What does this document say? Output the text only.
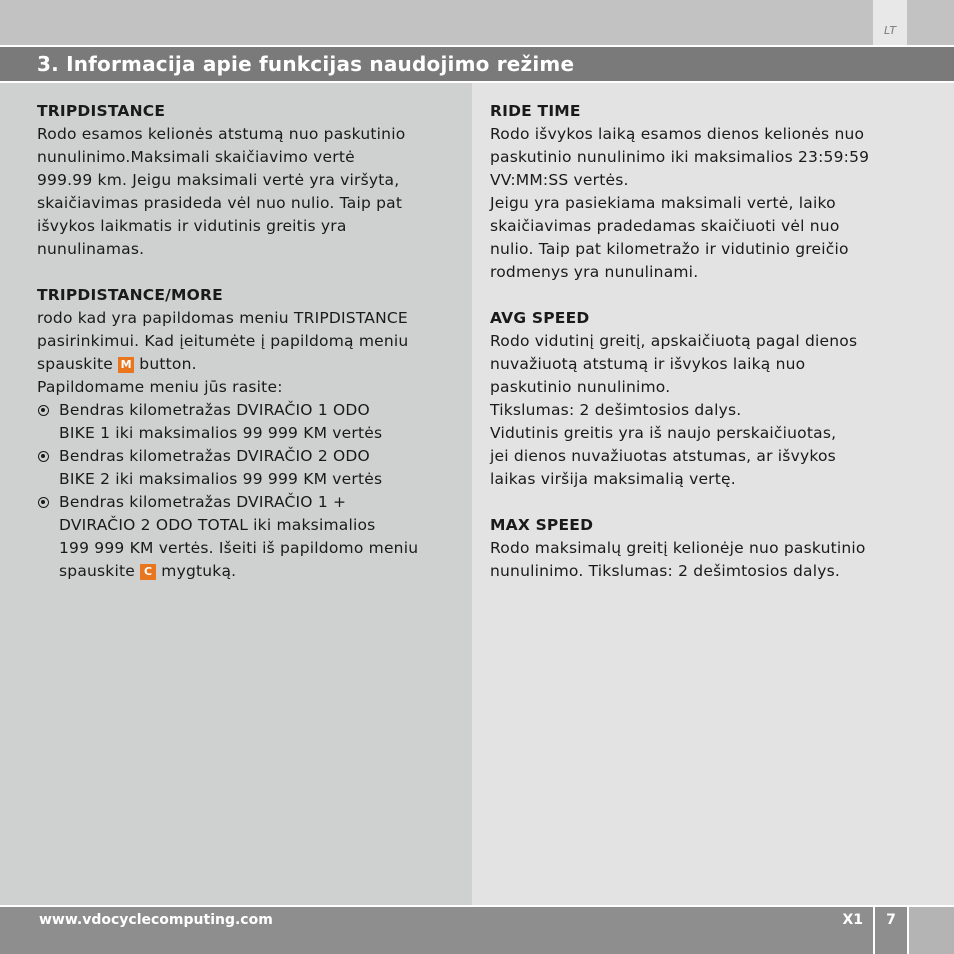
LT
3. Informacija apie funkcijas naudojimo režime
TRIPDISTANCE

Rodo esamos kelionės atstumą nuo paskutinio

nunulinimo.Maksimali skaičiavimo vertė

999.99 km. Jeigu maksimali vertė yra viršyta,

skaičiavimas prasideda vėl nuo nulio. Taip pat

išvykos laikmatis ir vidutinis greitis yra

nunulinamas.

TRIPDISTANCE/MORE

rodo kad yra papildomas meniu TRIPDISTANCE

pasirinkimui. Kad įeitumėte į papildomą meniu

spauskite M button.

Papildomame meniu jūs rasite:

Bendras kilometražas DVIRAČIO 1 ODO

BIKE 1 iki maksimalios 99 999 KM vertės

Bendras kilometražas DVIRAČIO 2 ODO

BIKE 2 iki maksimalios 99 999 KM vertės

Bendras kilometražas DVIRAČIO 1 +

DVIRAČIO 2 ODO TOTAL iki maksimalios

199 999 KM vertės. Išeiti iš papildomo meniu

spauskite C mygtuką.

RIDE TIME

Rodo išvykos laiką esamos dienos kelionės nuo

paskutinio nunulinimo iki maksimalios 23:59:59

VV:MM:SS vertės.

Jeigu yra pasiekiama maksimali vertė, laiko

skaičiavimas pradedamas skaičiuoti vėl nuo

nulio. Taip pat kilometražo ir vidutinio greičio

rodmenys yra nunulinami.

AVG SPEED

Rodo vidutinį greitį, apskaičiuotą pagal dienos

nuvažiuotą atstumą ir išvykos laiką nuo

paskutinio nunulinimo.

Tikslumas: 2 dešimtosios dalys.

Vidutinis greitis yra iš naujo perskaičiuotas,

jei dienos nuvažiuotas atstumas, ar išvykos

laikas viršija maksimalią vertę.

MAX SPEED

Rodo maksimalų greitį kelionėje nuo paskutinio

nunulinimo. Tikslumas: 2 dešimtosios dalys.

www.vdocyclecomputing.com	X1	7
